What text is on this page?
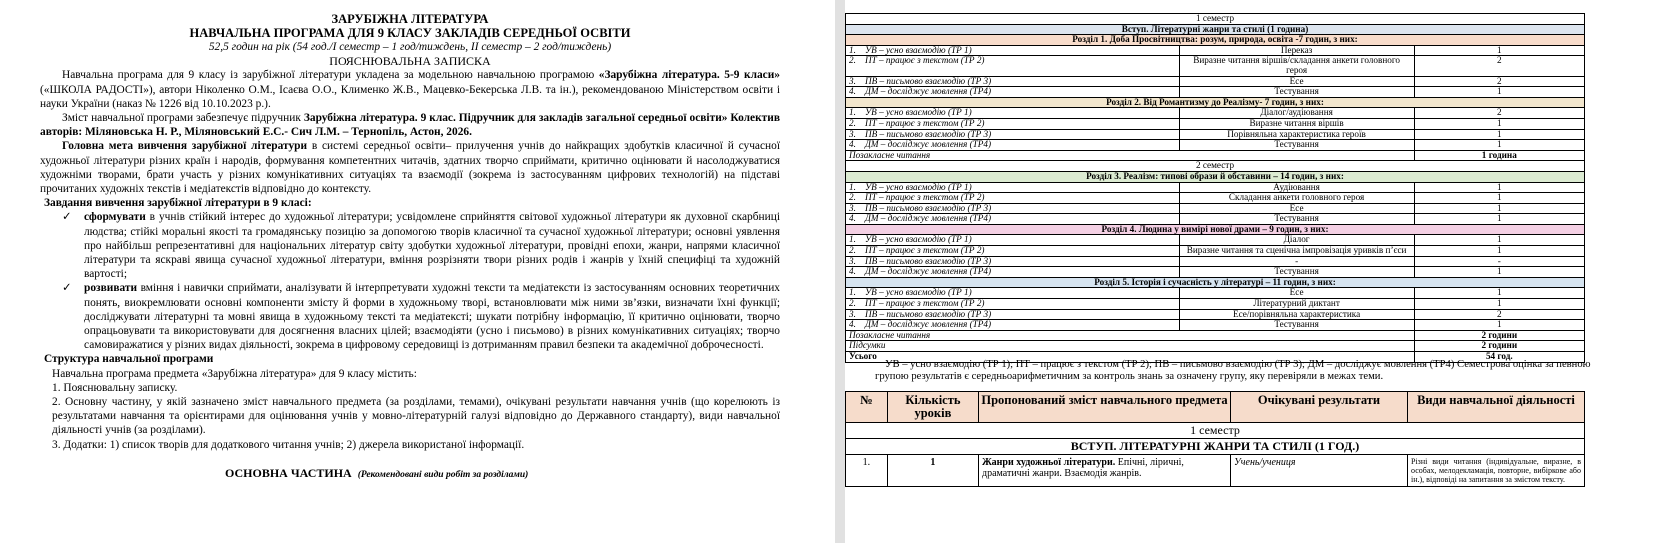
ЗАРУБІЖНА ЛІТЕРАТУРА

НАВЧАЛЬНА ПРОГРАМА ДЛЯ 9 КЛАСУ ЗАКЛАДІВ СЕРЕДНЬОЇ ОСВІТИ

52,5 годин на рік (54 год./І семестр – 1 год/тиждень, ІІ семестр – 2 год/тиждень)

ПОЯСНЮВАЛЬНА ЗАПИСКА

Навчальна програма для 9 класу із зарубіжної літератури укладена за модельною навчальною програмою «Зарубіжна література. 5-9 класи» («ШКОЛА РАДОСТІ»), автори Ніколенко О.М., Ісаєва О.О., Клименко Ж.В., Мацевко-Бекерська Л.В. та ін.), рекомендованою Міністерством освіти і науки України (наказ № 1226 від 10.10.2023 р.).

Зміст навчальної програми забезпечує підручник Зарубіжна література. 9 клас. Підручник для закладів загальної середньої освіти» Колектив авторів: Міляновська Н. Р., Міляновський Е.С.- Сич Л.М. – Тернопіль, Астон, 2026.

Головна мета вивчення зарубіжної літератури в системі середньої освіти– прилучення учнів до найкращих здобутків класичної й сучасної художньої літератури різних країн і народів, формування компетентних читачів, здатних творчо сприймати, критично оцінювати й насолоджуватися художніми творами, брати участь у різних комунікативних ситуаціях та взаємодії (зокрема із застосуванням цифрових технологій) на підставі прочитаних художніх текстів і медіатекстів відповідно до контексту.

Завдання вивчення зарубіжної літератури в 9 класі:

✓ сформувати в учнів стійкий інтерес до художньої літератури; усвідомлене сприйняття світової художньої літератури як духовної скарбниці людства; стійкі моральні якості та громадянську позицію за допомогою творів класичної та сучасної художньої літератури; основні уявлення про найбільш репрезентативні для національних літератур світу здобутки художньої літератури, провідні епохи, жанри, напрями класичної літератури та яскраві явища сучасної художньої літератури, вміння розрізняти твори різних родів і жанрів у їхній специфіці та художній вартості;

✓ розвивати вміння і навички сприймати, аналізувати й інтерпретувати художні тексти та медіатексти із застосуванням основних теоретичних понять, виокремлювати основні компоненти змісту й форми в художньому творі, встановлювати між ними зв’язки, визначати їхні функції; досліджувати літературні та мовні явища в художньому тексті та медіатексті; шукати потрібну інформацію, її критично оцінювати, творчо опрацьовувати та використовувати для досягнення власних цілей; взаємодіяти (усно і письмово) в різних комунікативних ситуаціях; творчо самовиражатися у різних видах діяльності, зокрема в цифровому середовищі із дотриманням правил безпеки та академічної доброчесності.

Структура навчальної програми

Навчальна програма предмета «Зарубіжна література» для 9 класу містить:

1. Пояснювальну записку.

2. Основну частину, у якій зазначено зміст навчального предмета (за розділами, темами), очікувані результати навчання учнів (що корелюють із результатами навчання та орієнтирами для оцінювання учнів у мовно-літературній галузі відповідно до Державного стандарту), види навчальної діяльності учнів (за розділами).

3. Додатки: 1) список творів для додаткового читання учнів; 2) джерела використаної інформації.

ОСНОВНА ЧАСТИНА (Рекомендовані види робіт за розділами)
1 семестр		
Вступ. Літературні жанри та стилі (1 година)		
Розділ 1. Доба Просвітництва: розум, природа, освіта -7 годин, з них:		
1. УВ – усно взаємодію (ТР 1)	Переказ	1
2. ПТ – працює з текстом (ТР 2)	Виразне читання віршів/складання анкети головного героя	2
3. ПВ – письмово взаємодію (ТР 3)	Есе	2
4. ДМ – досліджує мовлення (ТР4)	Тестування	1
Розділ 2. Від Романтизму до Реалізму- 7 годин, з них:		
1. УВ – усно взаємодію (ТР 1)	Діалог/аудіювання	2
2. ПТ – працює з текстом (ТР 2)	Виразне читання віршів	1
3. ПВ – письмово взаємодію (ТР 3)	Порівняльна характеристика героїв	1
4. ДМ – досліджує мовлення (ТР4)	Тестування	1
Позакласне читання		1 година
2 семестр		
Розділ 3. Реалізм: типові образи й обставини – 14 годин, з них:		
1. УВ – усно взаємодію (ТР 1)	Аудіювання	1
2. ПТ – працює з текстом (ТР 2)	Складання анкети головного героя	1
3. ПВ – письмово взаємодію (ТР 3)	Есе	1
4. ДМ – досліджує мовлення (ТР4)	Тестування	1
Розділ 4. Людина у вимірі нової драми – 9 годин, з них:		
1. УВ – усно взаємодію (ТР 1)	Діалог	1
2. ПТ – працює з текстом (ТР 2)	Виразне читання та сценічна імпровізація уривків п’єси	1
3. ПВ – письмово взаємодію (ТР 3)	-	-
4. ДМ – досліджує мовлення (ТР4)	Тестування	1
Розділ 5. Історія і сучасність у літературі – 11 годин, з них:		
1. УВ – усно взаємодію (ТР 1)	Есе	1
2. ПТ – працює з текстом (ТР 2)	Літературний диктант	1
3. ПВ – письмово взаємодію (ТР 3)	Есе/порівняльна характеристика	2
4. ДМ – досліджує мовлення (ТР4)	Тестування	1
Позакласне читання		2 години
Підсумки		2 години
Усього		54 год.

УВ – усно взаємодію (ТР 1); ПТ – працює з текстом (ТР 2); ПВ – письмово взаємодію (ТР 3); ДМ – досліджує мовлення (ТР4) Семестрова оцінка за певною групою результатів є середньоарифметичним за контроль знань за означену групу, яку перевіряли в межах теми.

№	Кількість уроків	Пропонований зміст навчального предмета	Очікувані результати	Види навчальної діяльності
1 семестр				
ВСТУП. ЛІТЕРАТУРНІ ЖАНРИ ТА СТИЛІ (1 ГОД.)				
1.	1	Жанри художньої літератури. Епічні, ліричні, драматичні жанри. Взаємодія жанрів.	Учень/учениця	Різні види читання (індивідуальне, виразне, в особах, мелодекламація, повторне, вибіркове або ін.), відповіді на запитання за змістом тексту.
